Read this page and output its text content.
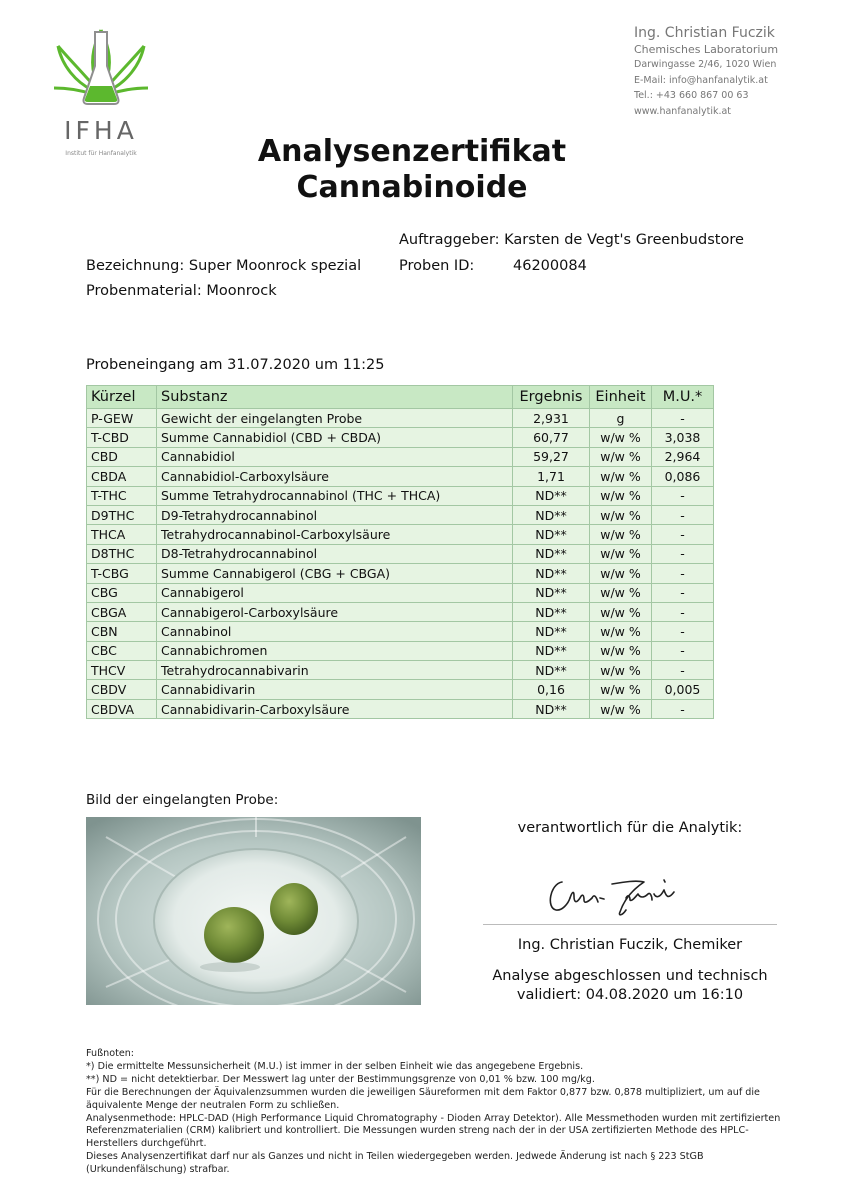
IFHA
Institut für Hanfanalytik
Ing. Christian Fuczik
Chemisches Laboratorium
Darwingasse 2/46, 1020 Wien
E-Mail: info@hanfanalytik.at
Tel.: +43 660 867 00 63
www.hanfanalytik.at
Analysenzertifikat
Cannabinoide
Auftraggeber: Karsten de Vegt's Greenbudstore
Bezeichnung: Super Moonrock spezial	Proben ID:	46200084
Probenmaterial: Moonrock
Probeneingang am 31.07.2020 um 11:25
Kürzel	Substanz	Ergebnis	Einheit	M.U.*
P-GEW	Gewicht der eingelangten Probe	2,931	g	-
T-CBD	Summe Cannabidiol (CBD + CBDA)	60,77	w/w %	3,038
CBD	Cannabidiol	59,27	w/w %	2,964
CBDA	Cannabidiol-Carboxylsäure	1,71	w/w %	0,086
T-THC	Summe Tetrahydrocannabinol (THC + THCA)	ND**	w/w %	-
D9THC	D9-Tetrahydrocannabinol	ND**	w/w %	-
THCA	Tetrahydrocannabinol-Carboxylsäure	ND**	w/w %	-
D8THC	D8-Tetrahydrocannabinol	ND**	w/w %	-
T-CBG	Summe Cannabigerol (CBG + CBGA)	ND**	w/w %	-
CBG	Cannabigerol	ND**	w/w %	-
CBGA	Cannabigerol-Carboxylsäure	ND**	w/w %	-
CBN	Cannabinol	ND**	w/w %	-
CBC	Cannabichromen	ND**	w/w %	-
THCV	Tetrahydrocannabivarin	ND**	w/w %	-
CBDV	Cannabidivarin	0,16	w/w %	0,005
CBDVA	Cannabidivarin-Carboxylsäure	ND**	w/w %	-
Bild der eingelangten Probe:
verantwortlich für die Analytik:
Ing. Christian Fuczik, Chemiker
Analyse abgeschlossen und technisch
validiert: 04.08.2020 um 16:10
Fußnoten:
*) Die ermittelte Messunsicherheit (M.U.) ist immer in der selben Einheit wie das angegebene Ergebnis.
**) ND = nicht detektierbar. Der Messwert lag unter der Bestimmungsgrenze von 0,01 % bzw. 100 mg/kg.
Für die Berechnungen der Äquivalenzsummen wurden die jeweiligen Säureformen mit dem Faktor 0,877 bzw. 0,878 multipliziert, um auf die äquivalente Menge der neutralen Form zu schließen.
Analysenmethode: HPLC-DAD (High Performance Liquid Chromatography - Dioden Array Detektor). Alle Messmethoden wurden mit zertifizierten Referenzmaterialien (CRM) kalibriert und kontrolliert. Die Messungen wurden streng nach der in der USA zertifizierten Methode des HPLC-Herstellers durchgeführt.
Dieses Analysenzertifikat darf nur als Ganzes und nicht in Teilen wiedergegeben werden. Jedwede Änderung ist nach § 223 StGB (Urkundenfälschung) strafbar.
